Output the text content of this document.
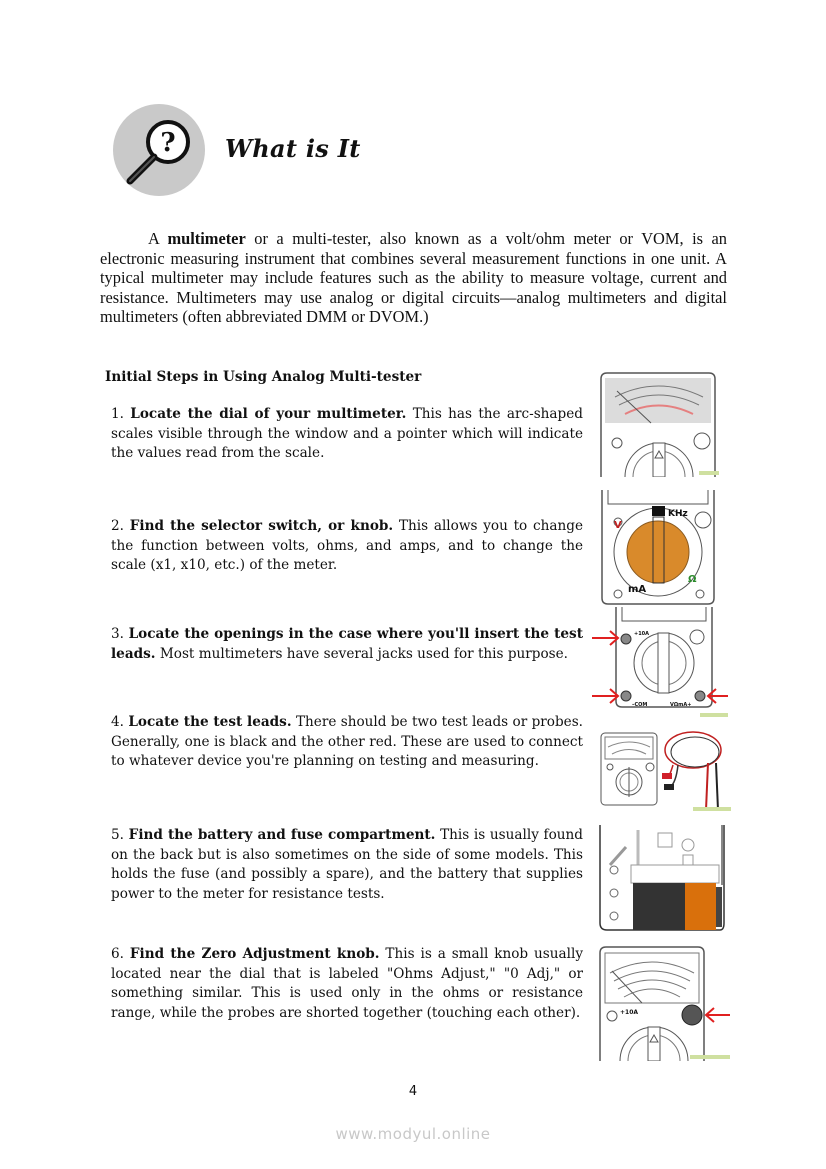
? What is It

A multimeter or a multi-tester, also known as a volt/ohm meter or VOM, is an electronic measuring instrument that combines several measurement functions in one unit. A typical multimeter may include features such as the ability to measure voltage, current and resistance. Multimeters may use analog or digital circuits—analog multimeters and digital multimeters (often abbreviated DMM or DVOM.)

Initial Steps in Using Analog Multi-tester

1. Locate the dial of your multimeter. This has the arc-shaped scales visible through the window and a pointer which will indicate the values read from the scale.

2. Find the selector switch, or knob. This allows you to change the function between volts, ohms, and amps, and to change the scale (x1, x10, etc.) of the meter.

3. Locate the openings in the case where you'll insert the test leads. Most multimeters have several jacks used for this purpose.

4. Locate the test leads. There should be two test leads or probes. Generally, one is black and the other red. These are used to connect to whatever device you're planning on testing and measuring.

5. Find the battery and fuse compartment. This is usually found on the back but is also sometimes on the side of some models. This holds the fuse (and possibly a spare), and the battery that supplies power to the meter for resistance tests.

6. Find the Zero Adjustment knob. This is a small knob usually located near the dial that is labeled "Ohms Adjust," "0 Adj," or something similar. This is used only in the ohms or resistance range, while the probes are shorted together (touching each other).

V
KHz
mA
Ω
+10A
–COM	VΩmA+
+10A
4
www.modyul.online
